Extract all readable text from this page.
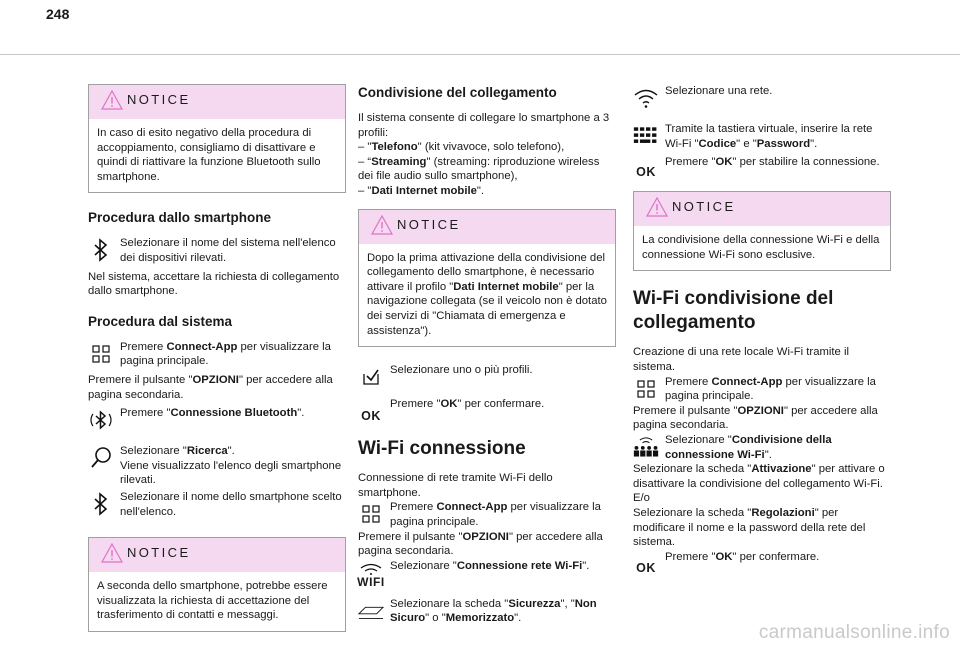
248
NOTICE
In caso di esito negativo della procedura di accoppiamento, consigliamo di disattivare e quindi di riattivare la funzione Bluetooth sullo smartphone.
Procedura dallo smartphone
Selezionare il nome del sistema nell'elenco dei dispositivi rilevati.

Nel sistema, accettare la richiesta di collegamento dallo smartphone.

Procedura dal sistema
Premere Connect-App per visualizzare la pagina principale.

Premere il pulsante "OPZIONI" per accedere alla pagina secondaria.

Premere "Connessione Bluetooth".
Selezionare "Ricerca".
Viene visualizzato l'elenco degli smartphone rilevati.
Selezionare il nome dello smartphone scelto nell'elenco.
NOTICE
A seconda dello smartphone, potrebbe essere visualizzata la richiesta di accettazione del trasferimento di contatti e messaggi.
Condivisione del collegamento

Il sistema consente di collegare lo smartphone a 3 profili:

– "Telefono" (kit vivavoce, solo telefono),

– “Streaming" (streaming: riproduzione wireless dei file audio sullo smartphone),

– "Dati Internet mobile".

NOTICE
Dopo la prima attivazione della condivisione del collegamento dello smartphone, è necessario attivare il profilo "Dati Internet mobile" per la navigazione collegata (se il veicolo non è dotato dei servizi di "Chiamata di emergenza e assistenza").
Selezionare uno o più profili.
OK
Premere "OK" per confermare.
Wi-Fi connessione

Connessione di rete tramite Wi-Fi dello smartphone.

Premere Connect-App per visualizzare la pagina principale.

Premere il pulsante "OPZIONI" per accedere alla pagina secondaria.

WIFI
Selezionare "Connessione rete Wi-Fi".
Selezionare la scheda "Sicurezza", "Non Sicuro" o "Memorizzato".
Selezionare una rete.
Tramite la tastiera virtuale, inserire la rete Wi-Fi "Codice" e "Password".
OK
Premere "OK" per stabilire la connessione.
NOTICE
La condivisione della connessione Wi-Fi e della connessione Wi-Fi sono esclusive.
Wi-Fi condivisione del collegamento

Creazione di una rete locale Wi-Fi tramite il sistema.

Premere Connect-App per visualizzare la pagina principale.

Premere il pulsante "OPZIONI" per accedere alla pagina secondaria.

Selezionare "Condivisione della connessione Wi-Fi".

Selezionare la scheda "Attivazione" per attivare o disattivare la condivisione del collegamento Wi-Fi.

E/o

Selezionare la scheda "Regolazioni" per modificare il nome e la password della rete del sistema.

OK
Premere "OK" per confermare.
carmanualsonline.info
